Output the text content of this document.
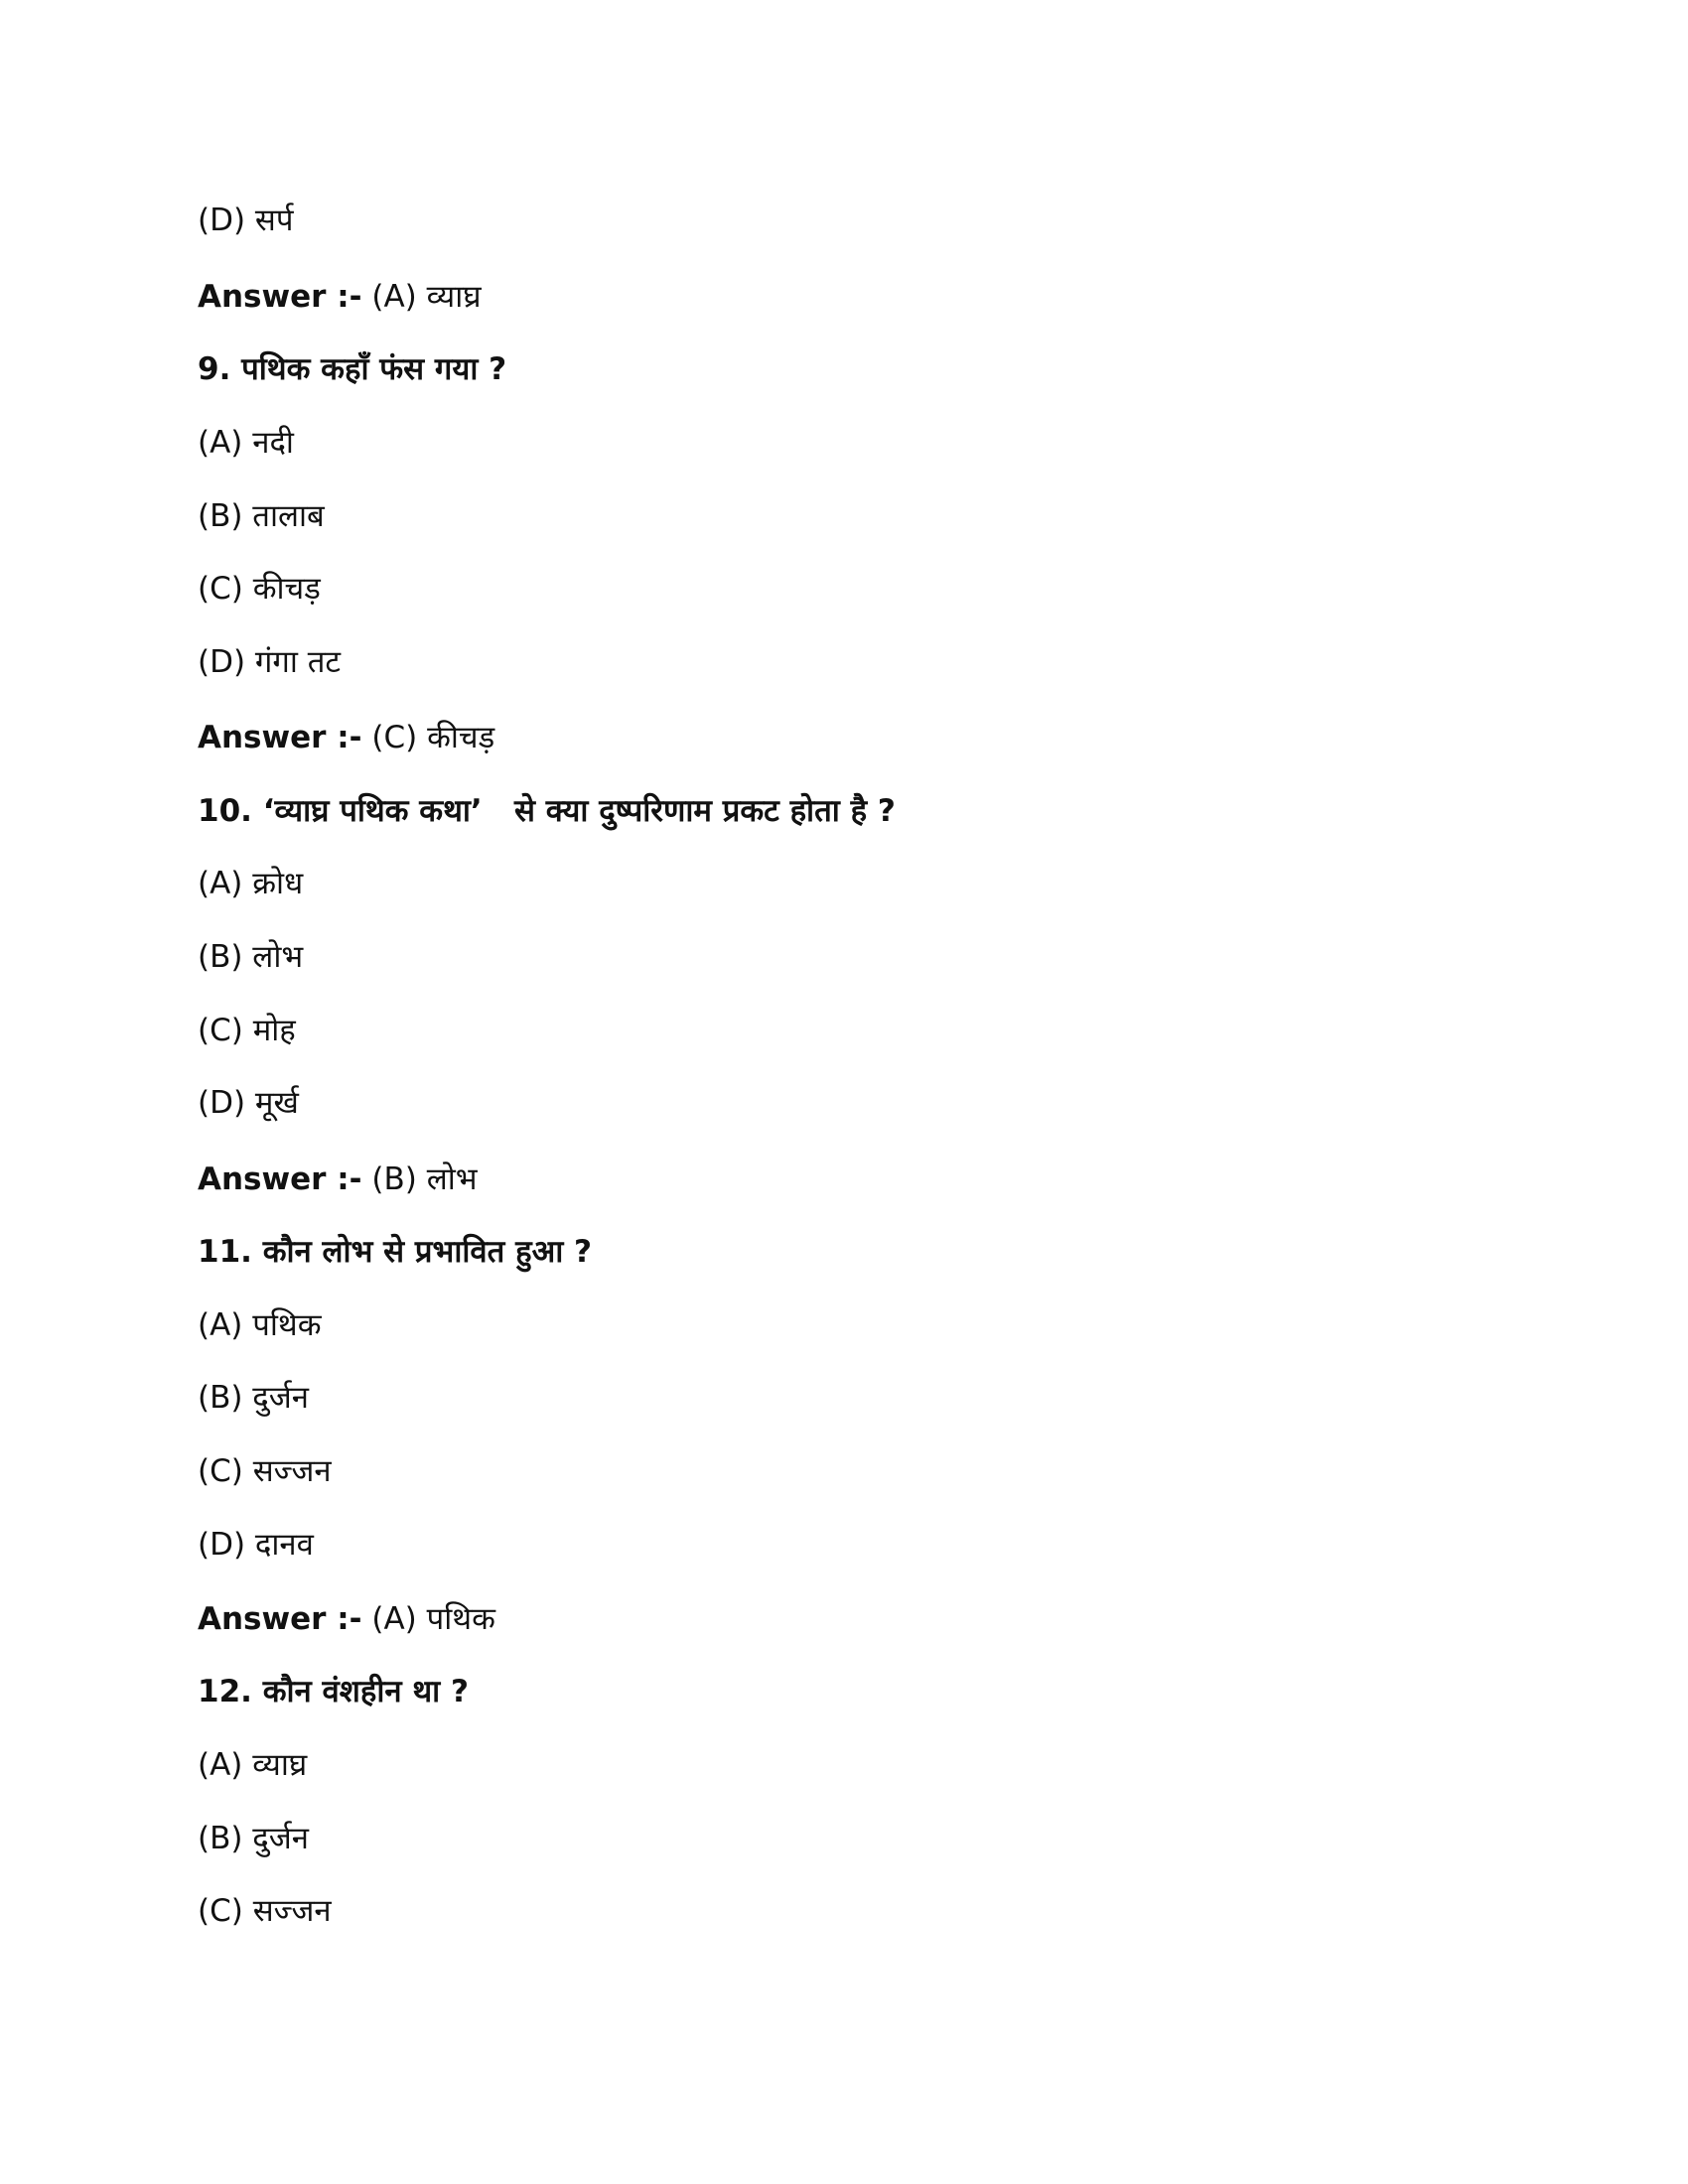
(D) सर्प
Answer :- (A) व्याघ्र
9. पथिक कहाँ फंस गया ?
(A) नदी
(B) तालाब
(C) कीचड़
(D) गंगा तट
Answer :- (C) कीचड़
10. ‘व्याघ्र पथिक कथा’   से क्या दुष्परिणाम प्रकट होता है ?
(A) क्रोध
(B) लोभ
(C) मोह
(D) मूर्ख
Answer :- (B) लोभ
11. कौन लोभ से प्रभावित हुआ ?
(A) पथिक
(B) दुर्जन
(C) सज्जन
(D) दानव
Answer :- (A) पथिक
12. कौन वंशहीन था ?
(A) व्याघ्र
(B) दुर्जन
(C) सज्जन
